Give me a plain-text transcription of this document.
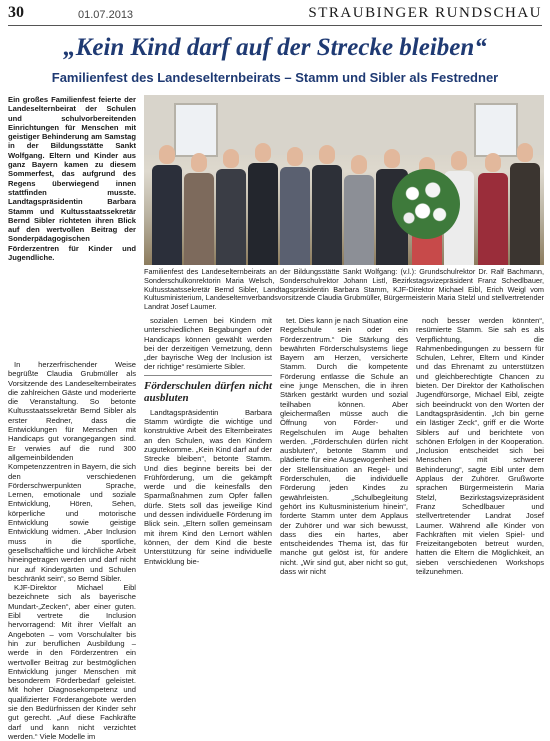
30	01.07.2013	STRAUBINGER RUNDSCHAU
„Kein Kind darf auf der Strecke bleiben“
Familienfest des Landeselternbeirats – Stamm und Sibler als Festredner
Ein großes Familienfest feierte der Landeselternbeirat der Schulen und schulvorbereitenden Einrichtungen für Menschen mit geistiger Behinderung am Samstag in der Bildungsstätte Sankt Wolfgang. Eltern und Kinder aus ganz Bayern kamen zu diesem Sommerfest, das aufgrund des Regens überwiegend innen stattfinden musste. Landtagspräsidentin Barbara Stamm und Kultusstaatssekretär Bernd Sibler richteten ihren Blick auf den wertvollen Beitrag der Sonderpädagogischen Förderzentren für Kinder und Jugendliche.
Familienfest des Landeselternbeirats an der Bildungsstätte Sankt Wolfgang: (v.l.): Grundschulrektor Dr. Ralf Bachmann, Sonderschulkonrektorin Maria Welsch, Sonderschulrektor Johann Listl, Bezirkstagsvizepräsident Franz Schedlbauer, Kultusstaatssekretär Bernd Sibler, Landtagspräsidentin Barbara Stamm, KJF-Direktor Michael Eibl, Erich Weigl vom Kultusministerium, Landeselternverbandsvorsitzende Claudia Grubmüller, Bürgermeisterin Maria Stelzl und stellvertretender Landrat Josef Laumer.

In herzerfrischender Weise begrüßte Claudia Grubmüller als Vorsitzende des Landeselternbeirates die zahlreichen Gäste und moderierte die Veranstaltung. So betonte Kultusstaatssekretär Bernd Sibler als erster Redner, dass die Entwicklungen für Menschen mit Handicaps gut vorangegangen sind. Er verwies auf die rund 300 allgemeinbildenden Kompetenzzentren in Bayern, die sich den verschiedenen Förderschwerpunkten Sprache, Lernen, emotionale und soziale Entwicklung, Hören, Sehen, körperliche und motorische Entwicklung sowie geistige Entwicklung widmen. „Aber Inclusion muss in die sportliche, gesellschaftliche und kirchliche Arbeit hineingetragen werden und darf nicht nur auf Kindergärten und Schulen beschränkt sein“, so Bernd Sibler.

KJF-Direktor Michael Eibl bezeichnete sich als bayerische Mundart-„Zecken“, aber einer guten. Eibl vertrete die Inclusion hervorragend: Mit ihrer Vielfalt an Angeboten – vom Vorschulalter bis hin zur beruflichen Ausbildung – werde in den Förderzentren ein wertvoller Beitrag zur bestmöglichen Entwicklung junger Menschen mit besonderem Förderbedarf geleistet. Mit hoher Diagnosekompetenz und qualifizierter Förderangebote werden sie den Bedürfnissen der Kinder sehr gut gerecht. „Auf diese Fachkräfte darf und kann nicht verzichtet werden.“ Viele Modelle im

sozialen Lernen bei Kindern mit unterschiedlichen Begabungen oder Handicaps können gewählt werden bei der derzeitigen Vernetzung, denn „der bayrische Weg der Inclusion ist der richtige“ resümierte Sibler.

Förderschulen dürfen nicht ausbluten

Landtagspräsidentin Barbara Stamm würdigte die wichtige und konstruktive Arbeit des Elternbeirates an den Schulen, was den Kindern zugutekomme. „Kein Kind darf auf der Strecke bleiben“, betonte Stamm. Und dies beginne bereits bei der Frühförderung, um die gekämpft werde und die keinesfalls den Sparmaßnahmen zum Opfer fallen dürfe. Stets soll das jeweilige Kind und dessen individuelle Förderung im Blick sein. „Eltern sollen gemeinsam mit ihrem Kind den Lernort wählen können, der dem Kind die beste Unterstützung für seine individuelle Entwicklung bie-

tet. Dies kann je nach Situation eine Regelschule sein oder ein Förderzentrum.“ Die Stärkung des bewährten Förderschulsystems liege Bayern am Herzen, versicherte Stamm. Durch die kompetente Förderung entlasse die Schule an eine junge Menschen, die in ihren Stärken gestärkt wurden und sozial teilhaben können. Aber gleichermaßen müsse auch die Öffnung von Förder- und Regelschulen im Auge behalten werden. „Förderschulen dürfen nicht ausbluten“, betonte Stamm und plädierte für eine Ausgewogenheit bei der Stellensituation an Regel- und Förderschulen, die individuelle Förderung jeden Kindes zu gewährleisten. „Schulbegleitung gehört ins Kultusministerium hinein“, forderte Stamm unter dem Applaus der Zuhörer und war sich bewusst, dass dies ein hartes, aber entscheidendes Thema ist, das für manche gut gelöst ist, für andere nicht. „Wir sind gut, aber nicht so gut, dass wir nicht

noch besser werden könnten“, resümierte Stamm. Sie sah es als Verpflichtung, die Rahmenbedingungen zu bessern für Schulen, Lehrer, Eltern und Kinder und das Ehrenamt zu unterstützen und gleichberechtigte Chancen zu bieten. Der Direktor der Katholischen Jugendfürsorge, Michael Eibl, zeigte sich beeindruckt von den Worten der Landtagspräsidentin. „Ich bin gerne ein lästiger Zeck“, griff er die Worte Siblers auf und berichtete von schönen Erfolgen in der Kooperation. „Inclusion entscheidet sich bei Menschen mit schwerer Behinderung“, sagte Eibl unter dem Applaus der Zuhörer. Grußworte sprachen Bürgermeisterin Maria Stelzl, Bezirkstagsvizepräsident Franz Schedlbauer und stellvertretender Landrat Josef Laumer. Während alle Kinder von Fachkräften mit vielen Spiel- und Freizeitangeboten betreut wurden, hatten die Eltern die Möglichkeit, an sieben verschiedenen Workshops teilzunehmen.
